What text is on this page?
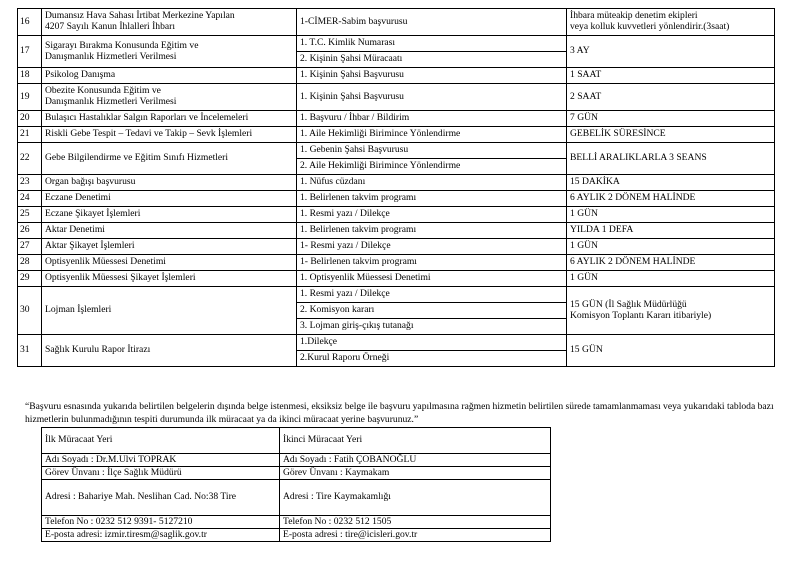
16	Dumansız Hava Sahası İrtibat Merkezine Yapılan
4207 Sayılı Kanun İhlalleri İhbarı	1-CİMER-Sabim başvurusu	İhbara müteakip denetim ekipleri
veya kolluk kuvvetleri yönlendirir.(3saat)
17	Sigarayı Bırakma Konusunda Eğitim ve
Danışmanlık Hizmetleri Verilmesi	1. T.C. Kimlik Numarası	3 AY
		2. Kişinin Şahsi Müracaatı	
18	Psikolog Danışma	1. Kişinin Şahsi Başvurusu	1 SAAT
19	Obezite Konusunda Eğitim ve
Danışmanlık Hizmetleri Verilmesi	1. Kişinin Şahsi Başvurusu	2 SAAT
20	Bulaşıcı Hastalıklar Salgın Raporları ve İncelemeleri	1. Başvuru / İhbar / Bildirim	7 GÜN
21	Riskli Gebe Tespit – Tedavi ve Takip – Sevk İşlemleri	1. Aile Hekimliği Birimince Yönlendirme	GEBELİK SÜRESİNCE
22	Gebe Bilgilendirme ve Eğitim Sınıfı Hizmetleri	1. Gebenin Şahsi Başvurusu	BELLİ ARALIKLARLA 3 SEANS
		2. Aile Hekimliği Birimince Yönlendirme	
23	Organ bağışı başvurusu	1. Nüfus cüzdanı	15 DAKİKA
24	Eczane Denetimi	1. Belirlenen takvim programı	6 AYLIK 2 DÖNEM HALİNDE
25	Eczane Şikayet İşlemleri	1. Resmi yazı / Dilekçe	1 GÜN
26	Aktar Denetimi	1. Belirlenen takvim programı	YILDA 1 DEFA
27	Aktar Şikayet İşlemleri	1- Resmi yazı / Dilekçe	1 GÜN
28	Optisyenlik Müessesi Denetimi	1- Belirlenen takvim programı	6 AYLIK 2 DÖNEM HALİNDE
29	Optisyenlik Müessesi Şikayet İşlemleri	1. Optisyenlik Müessesi Denetimi	1 GÜN
30	Lojman İşlemleri	1. Resmi yazı / Dilekçe	15 GÜN (İl Sağlık Müdürlüğü
Komisyon Toplantı Kararı itibariyle)
		2. Komisyon kararı	
		3. Lojman giriş-çıkış tutanağı	
31	Sağlık Kurulu Rapor İtirazı	1.Dilekçe	15 GÜN
		2.Kurul Raporu Örneği	
“Başvuru esnasında yukarıda belirtilen belgelerin dışında belge istenmesi, eksiksiz belge ile başvuru yapılmasına rağmen hizmetin belirtilen sürede tamamlanmaması veya yukarıdaki tabloda bazı hizmetlerin bulunmadığının tespiti durumunda ilk müracaat ya da ikinci müracaat yerine başvurunuz.”
İlk Müracaat Yeri	İkinci Müracaat Yeri
Adı Soyadı : Dr.M.Ulvi TOPRAK	Adı Soyadı : Fatih ÇOBANOĞLU
Görev Ünvanı : İlçe Sağlık Müdürü	Görev Ünvanı : Kaymakam
Adresi : Bahariye Mah. Neslihan Cad. No:38 Tire	Adresi : Tire Kaymakamlığı
Telefon No : 0232 512 9391- 5127210	Telefon No : 0232 512 1505
E-posta adresi: izmir.tiresm@saglik.gov.tr	E-posta adresi : tire@icisleri.gov.tr
